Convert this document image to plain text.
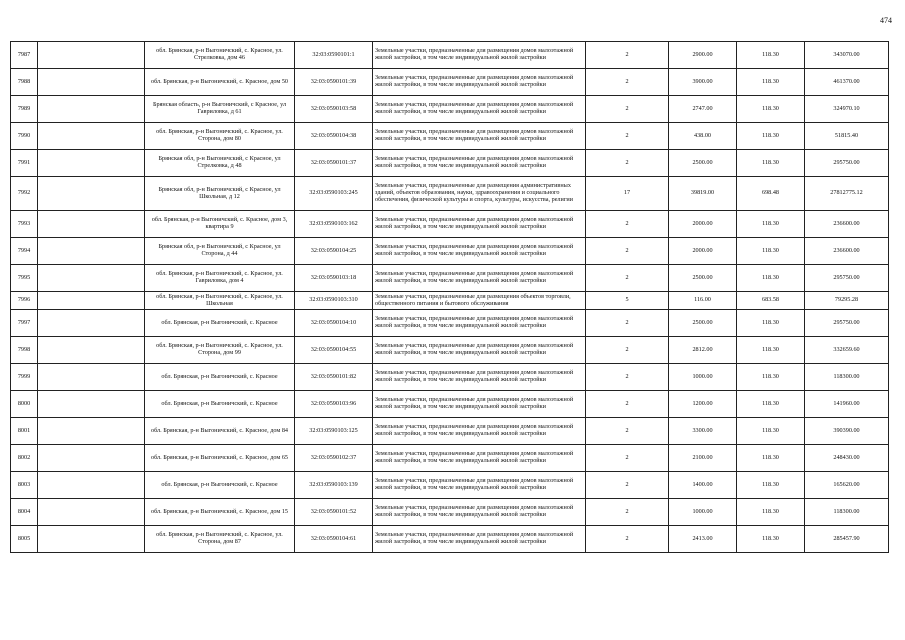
474
7987		обл. Брянская, р-н Выгоничский, с. Красное, ул. Стрелковка, дом 46	32:03:0590101:1	Земельные участки, предназначенные для размещения домов малоэтажной жилой застройки, в том числе индивидуальной жилой застройки	2	2900.00	118.30	343070.00
7988		обл. Брянская, р-н Выгоничский, с. Красное, дом 50	32:03:0590101:39	Земельные участки, предназначенные для размещения домов малоэтажной жилой застройки, в том числе индивидуальной жилой застройки	2	3900.00	118.30	461370.00
7989		Брянская область, р-н Выгоничский, с Красное, ул Гавриловка, д 61	32:03:0590103:58	Земельные участки, предназначенные для размещения домов малоэтажной жилой застройки, в том числе индивидуальной жилой застройки	2	2747.00	118.30	324970.10
7990		обл. Брянская, р-н Выгоничский, с. Красное, ул. Сторона, дом 80	32:03:0590104:38	Земельные участки, предназначенные для размещения домов малоэтажной жилой застройки, в том числе индивидуальной жилой застройки	2	438.00	118.30	51815.40
7991		Брянская обл, р-н Выгоничский, с Красное, ул Стрелковка, д 48	32:03:0590101:37	Земельные участки, предназначенные для размещения домов малоэтажной жилой застройки, в том числе индивидуальной жилой застройки	2	2500.00	118.30	295750.00
7992		Брянская обл, р-н Выгоничский, с Красное, ул Школьная, д 12	32:03:0590103:245	Земельные участки, предназначенные для размещения административных зданий, объектов образования, науки, здравоохранения и социального обеспечения, физической культуры и спорта, культуры, искусства, религии	17	39819.00	698.48	27812775.12
7993		обл. Брянская, р-н Выгоничский, с. Красное, дом 3, квартира 9	32:03:0590103:162	Земельные участки, предназначенные для размещения домов малоэтажной жилой застройки, в том числе индивидуальной жилой застройки	2	2000.00	118.30	236600.00
7994		Брянская обл, р-н Выгоничский, с Красное, ул Сторона, д 44	32:03:0590104:25	Земельные участки, предназначенные для размещения домов малоэтажной жилой застройки, в том числе индивидуальной жилой застройки	2	2000.00	118.30	236600.00
7995		обл. Брянская, р-н Выгоничский, с. Красное, ул. Гавриловка, дом 4	32:03:0590103:18	Земельные участки, предназначенные для размещения домов малоэтажной жилой застройки, в том числе индивидуальной жилой застройки	2	2500.00	118.30	295750.00
7996		обл. Брянская, р-н Выгоничский, с. Красное, ул. Школьная	32:03:0590103:310	Земельные участки, предназначенные для размещения объектов торговли, общественного питания и бытового обслуживания	5	116.00	683.58	79295.28
7997		обл. Брянская, р-н Выгоничский, с. Красное	32:03:0590104:10	Земельные участки, предназначенные для размещения домов малоэтажной жилой застройки, в том числе индивидуальной жилой застройки	2	2500.00	118.30	295750.00
7998		обл. Брянская, р-н Выгоничский, с. Красное, ул. Сторона, дом 99	32:03:0590104:55	Земельные участки, предназначенные для размещения домов малоэтажной жилой застройки, в том числе индивидуальной жилой застройки	2	2812.00	118.30	332659.60
7999		обл. Брянская, р-н Выгоничский, с. Красное	32:03:0590101:82	Земельные участки, предназначенные для размещения домов малоэтажной жилой застройки, в том числе индивидуальной жилой застройки	2	1000.00	118.30	118300.00
8000		обл. Брянская, р-н Выгоничский, с. Красное	32:03:0590103:96	Земельные участки, предназначенные для размещения домов малоэтажной жилой застройки, в том числе индивидуальной жилой застройки	2	1200.00	118.30	141960.00
8001		обл. Брянская, р-н Выгоничский, с. Красное, дом 84	32:03:0590103:125	Земельные участки, предназначенные для размещения домов малоэтажной жилой застройки, в том числе индивидуальной жилой застройки	2	3300.00	118.30	390390.00
8002		обл. Брянская, р-н Выгоничский, с. Красное, дом 65	32:03:0590102:37	Земельные участки, предназначенные для размещения домов малоэтажной жилой застройки, в том числе индивидуальной жилой застройки	2	2100.00	118.30	248430.00
8003		обл. Брянская, р-н Выгоничский, с. Красное	32:03:0590103:139	Земельные участки, предназначенные для размещения домов малоэтажной жилой застройки, в том числе индивидуальной жилой застройки	2	1400.00	118.30	165620.00
8004		обл. Брянская, р-н Выгоничский, с. Красное, дом 15	32:03:0590101:52	Земельные участки, предназначенные для размещения домов малоэтажной жилой застройки, в том числе индивидуальной жилой застройки	2	1000.00	118.30	118300.00
8005		обл. Брянская, р-н Выгоничский, с. Красное, ул. Сторона, дом 87	32:03:0590104:61	Земельные участки, предназначенные для размещения домов малоэтажной жилой застройки, в том числе индивидуальной жилой застройки	2	2413.00	118.30	285457.90
